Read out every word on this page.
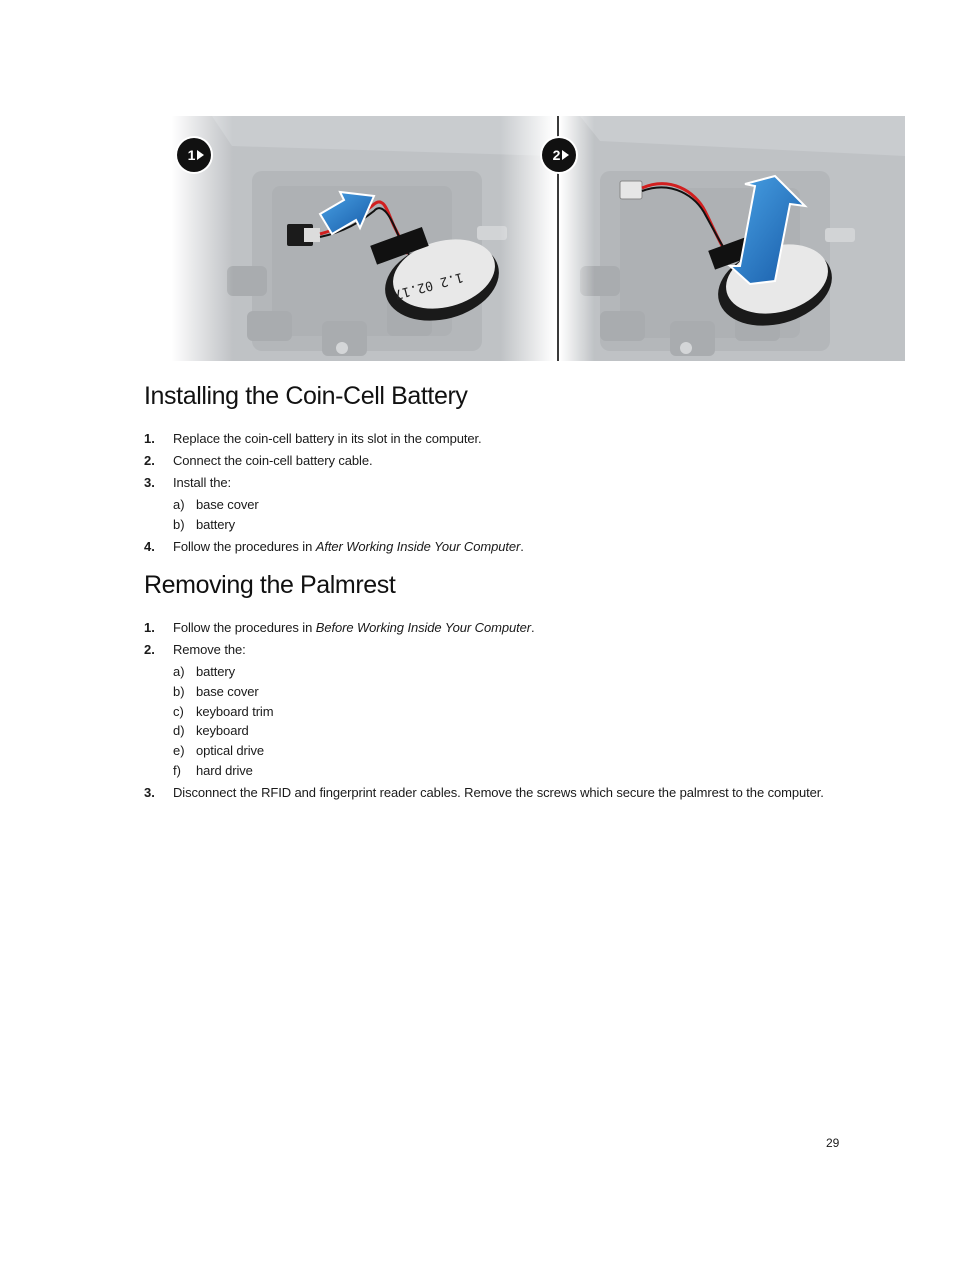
1	2
Installing the Coin-Cell Battery
1. Replace the coin-cell battery in its slot in the computer.
2. Connect the coin-cell battery cable.
3. Install the:
a) base cover
b) battery
4. Follow the procedures in After Working Inside Your Computer.
Removing the Palmrest
1. Follow the procedures in Before Working Inside Your Computer.
2. Remove the:
a) battery
b) base cover
c) keyboard trim
d) keyboard
e) optical drive
f) hard drive
3. Disconnect the RFID and fingerprint reader cables. Remove the screws which secure the palmrest to the computer.
29
